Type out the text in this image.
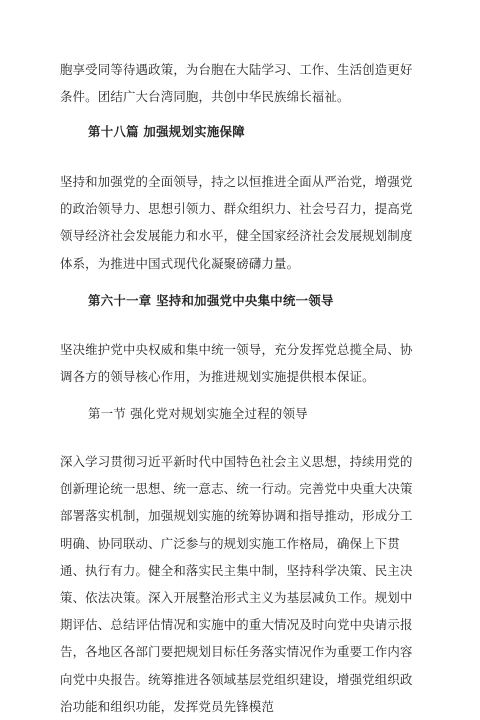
胞享受同等待遇政策，为台胞在大陆学习、工作、生活创造更好条件。团结广大台湾同胞，共创中华民族绵长福祉。

第十八篇 加强规划实施保障

坚持和加强党的全面领导，持之以恒推进全面从严治党，增强党的政治领导力、思想引领力、群众组织力、社会号召力，提高党领导经济社会发展能力和水平，健全国家经济社会发展规划制度体系，为推进中国式现代化凝聚磅礴力量。

第六十一章 坚持和加强党中央集中统一领导

坚决维护党中央权威和集中统一领导，充分发挥党总揽全局、协调各方的领导核心作用，为推进规划实施提供根本保证。

第一节 强化党对规划实施全过程的领导

深入学习贯彻习近平新时代中国特色社会主义思想，持续用党的创新理论统一思想、统一意志、统一行动。完善党中央重大决策部署落实机制，加强规划实施的统筹协调和指导推动，形成分工明确、协同联动、广泛参与的规划实施工作格局，确保上下贯通、执行有力。健全和落实民主集中制，坚持科学决策、民主决策、依法决策。深入开展整治形式主义为基层减负工作。规划中期评估、总结评估情况和实施中的重大情况及时向党中央请示报告，各地区各部门要把规划目标任务落实情况作为重要工作内容向党中央报告。统筹推进各领域基层党组织建设，增强党组织政治功能和组织功能，发挥党员先锋模范
